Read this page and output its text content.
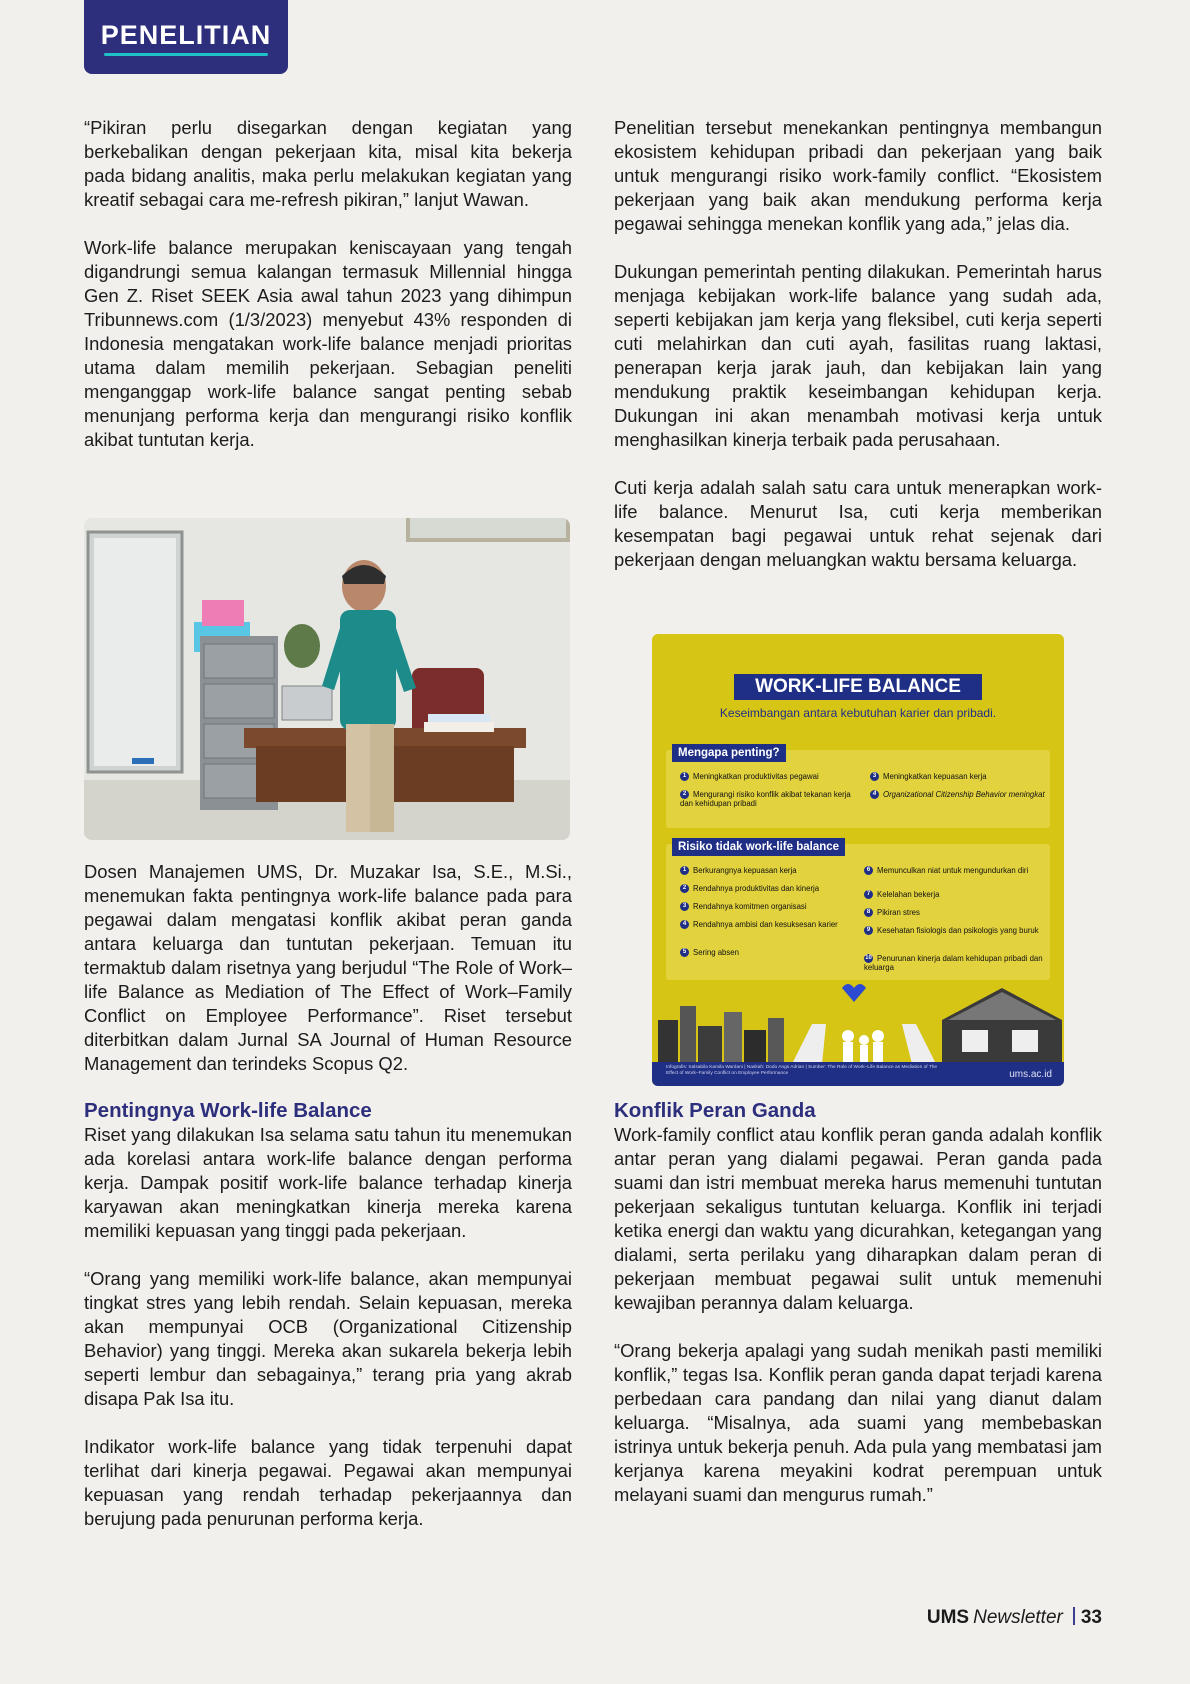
PENELITIAN

“Pikiran perlu disegarkan dengan kegiatan yang berkebalikan dengan pekerjaan kita, misal kita bekerja pada bidang analitis, maka perlu melakukan kegiatan yang kreatif sebagai cara me-refresh pikiran,” lanjut Wawan.

Work-life balance merupakan keniscayaan yang tengah digandrungi semua kalangan termasuk Millennial hingga Gen Z. Riset SEEK Asia awal tahun 2023 yang dihimpun Tribunnews.com (1/3/2023) menyebut 43% responden di Indonesia mengatakan work-life balance menjadi prioritas utama dalam memilih pekerjaan. Sebagian peneliti menganggap work-life balance sangat penting sebab menunjang performa kerja dan mengurangi risiko konflik akibat tuntutan kerja.

Dosen Manajemen UMS, Dr. Muzakar Isa, S.E., M.Si., menemukan fakta pentingnya work-life balance pada para pegawai dalam mengatasi konflik akibat peran ganda antara keluarga dan tuntutan pekerjaan. Temuan itu termaktub dalam risetnya yang berjudul “The Role of Work–life Balance as Mediation of The Effect of Work–Family Conflict on Employee Performance”. Riset tersebut diterbitkan dalam Jurnal SA Journal of Human Resource Management dan terindeks Scopus Q2.

Pentingnya Work-life Balance

Riset yang dilakukan Isa selama satu tahun itu menemukan ada korelasi antara work-life balance dengan performa kerja. Dampak positif work-life balance terhadap kinerja karyawan akan meningkatkan kinerja mereka karena memiliki kepuasan yang tinggi pada pekerjaan.

“Orang yang memiliki work-life balance, akan mempunyai tingkat stres yang lebih rendah. Selain kepuasan, mereka akan mempunyai OCB (Organizational Citizenship Behavior) yang tinggi. Mereka akan sukarela bekerja lebih seperti lembur dan sebagainya,” terang pria yang akrab disapa Pak Isa itu.

Indikator work-life balance yang tidak terpenuhi dapat terlihat dari kinerja pegawai. Pegawai akan mempunyai kepuasan yang rendah terhadap pekerjaannya dan berujung pada penurunan performa kerja.

Penelitian tersebut menekankan pentingnya membangun ekosistem kehidupan pribadi dan pekerjaan yang baik untuk mengurangi risiko work-family conflict. “Ekosistem pekerjaan yang baik akan mendukung performa kerja pegawai sehingga menekan konflik yang ada,” jelas dia.

Dukungan pemerintah penting dilakukan. Pemerintah harus menjaga kebijakan work-life balance yang sudah ada, seperti kebijakan jam kerja yang fleksibel, cuti kerja seperti cuti melahirkan dan cuti ayah, fasilitas ruang laktasi, penerapan kerja jarak jauh, dan kebijakan lain yang mendukung praktik keseimbangan kehidupan kerja. Dukungan ini akan menambah motivasi kerja untuk menghasilkan kinerja terbaik pada perusahaan.

Cuti kerja adalah salah satu cara untuk menerapkan work-life balance. Menurut Isa, cuti kerja memberikan kesempatan bagi pegawai untuk rehat sejenak dari pekerjaan dengan meluangkan waktu bersama keluarga.

WORK-LIFE BALANCE
Keseimbangan antara kebutuhan karier dan pribadi.
Mengapa penting?
1 Meningkatkan produktivitas pegawai
2 Mengurangi risiko konflik akibat tekanan kerja dan kehidupan pribadi
3 Meningkatkan kepuasan kerja
4 Organizational Citizenship Behavior meningkat
Risiko tidak work-life balance
1 Berkurangnya kepuasan kerja
2 Rendahnya produktivitas dan kinerja
3 Rendahnya komitmen organisasi
4 Rendahnya ambisi dan kesuksesan karier
5 Sering absen
6 Memunculkan niat untuk mengundurkan diri
7 Kelelahan bekerja
8 Pikiran stres
9 Kesehatan fisiologis dan psikologis yang buruk
10 Penurunan kinerja dalam kehidupan pribadi dan keluarga
Infografis: Salsabila Kamila Wardani | Naskah: Dodo Angs Adrian | Sumber: The Role of Work–Life Balance as Mediation of The Effect of Work–Family Conflict on Employee Performance	ums.ac.id
Konflik Peran Ganda

Work-family conflict atau konflik peran ganda adalah konflik antar peran yang dialami pegawai. Peran ganda pada suami dan istri membuat mereka harus memenuhi tuntutan pekerjaan sekaligus tuntutan keluarga. Konflik ini terjadi ketika energi dan waktu yang dicurahkan, ketegangan yang dialami, serta perilaku yang diharapkan dalam peran di pekerjaan membuat pegawai sulit untuk memenuhi kewajiban perannya dalam keluarga.

“Orang bekerja apalagi yang sudah menikah pasti memiliki konflik,” tegas Isa. Konflik peran ganda dapat terjadi karena perbedaan cara pandang dan nilai yang dianut dalam keluarga. “Misalnya, ada suami yang membebaskan istrinya untuk bekerja penuh. Ada pula yang membatasi jam kerjanya karena meyakini kodrat perempuan untuk melayani suami dan mengurus rumah.”

UMS Newsletter 33
